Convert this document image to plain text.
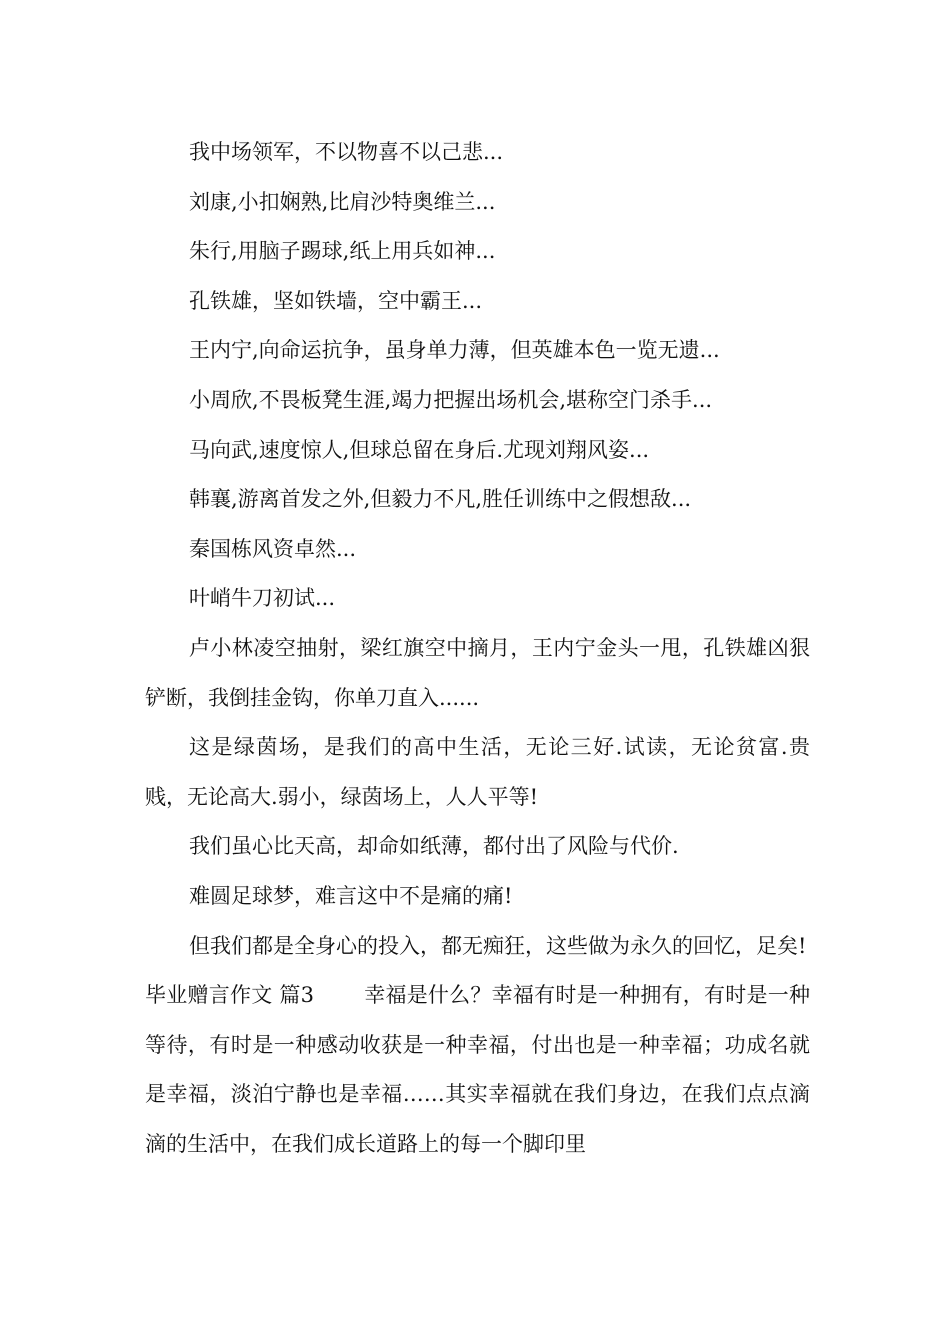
我中场领军，不以物喜不以己悲...

刘康,小扣娴熟,比肩沙特奥维兰...

朱行,用脑子踢球,纸上用兵如神...

孔铁雄，坚如铁墙，空中霸王...

王内宁,向命运抗争，虽身单力薄，但英雄本色一览无遗...

小周欣,不畏板凳生涯,竭力把握出场机会,堪称空门杀手...

马向武,速度惊人,但球总留在身后.尤现刘翔风姿...

韩襄,游离首发之外,但毅力不凡,胜任训练中之假想敌...

秦国栋风资卓然...

叶峭牛刀初试...

卢小林凌空抽射，梁红旗空中摘月，王内宁金头一甩，孔铁雄凶狠铲断，我倒挂金钩，你单刀直入......

这是绿茵场，是我们的高中生活，无论三好.试读，无论贫富.贵贱，无论高大.弱小，绿茵场上，人人平等!

我们虽心比天高，却命如纸薄，都付出了风险与代价.

难圆足球梦，难言这中不是痛的痛!

但我们都是全身心的投入，都无痴狂，这些做为永久的回忆，足矣!

毕业赠言作文 篇3 幸福是什么？幸福有时是一种拥有，有时是一种等待，有时是一种感动收获是一种幸福，付出也是一种幸福；功成名就是幸福，淡泊宁静也是幸福……其实幸福就在我们身边，在我们点点滴滴的生活中，在我们成长道路上的每一个脚印里
